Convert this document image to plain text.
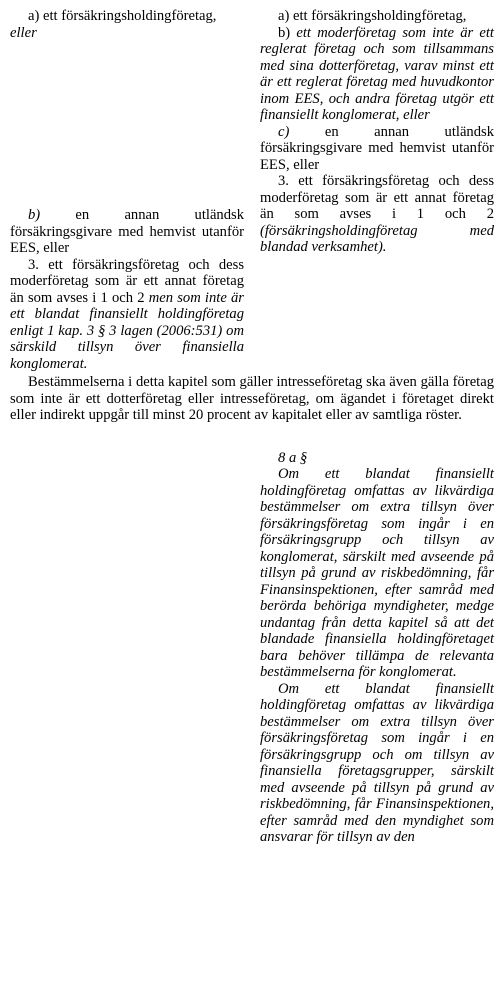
a) ett försäkringsholdingföretag,
eller

b) en annan utländsk försäkringsgivare med hemvist utanför EES, eller

3. ett försäkringsföretag och dess moderföretag som är ett annat företag än som avses i 1 och 2 men som inte är ett blandat finansiellt holdingföretag enligt 1 kap. 3 § 3 lagen (2006:531) om särskild tillsyn över finansiella konglomerat.

a) ett försäkringsholdingföretag,

b) ett moderföretag som inte är ett reglerat företag och som tillsammans med sina dotterföretag, varav minst ett är ett reglerat företag med huvudkontor inom EES, och andra företag utgör ett finansiellt konglomerat, eller

c) en annan utländsk försäkringsgivare med hemvist utanför EES, eller

3. ett försäkringsföretag och dess moderföretag som är ett annat företag än som avses i 1 och 2 (försäkringsholdingföretag med blandad verksamhet).

Bestämmelserna i detta kapitel som gäller intresseföretag ska även gälla företag som inte är ett dotterföretag eller intresseföretag, om ägandet i företaget direkt eller indirekt uppgår till minst 20 procent av kapitalet eller av samtliga röster.

8 a §

Om ett blandat finansiellt holdingföretag omfattas av likvärdiga bestämmelser om extra tillsyn över försäkringsföretag som ingår i en försäkringsgrupp och tillsyn av konglomerat, särskilt med avseende på tillsyn på grund av riskbedömning, får Finansinspektionen, efter samråd med berörda behöriga myndigheter, medge undantag från detta kapitel så att det blandade finansiella holdingföretaget bara behöver tillämpa de relevanta bestämmelserna för konglomerat.

Om ett blandat finansiellt holdingföretag omfattas av likvärdiga bestämmelser om extra tillsyn över försäkringsföretag som ingår i en försäkringsgrupp och om tillsyn av finansiella företagsgrupper, särskilt med avseende på tillsyn på grund av riskbedömning, får Finansinspektionen, efter samråd med den myndighet som ansvarar för tillsyn av den
